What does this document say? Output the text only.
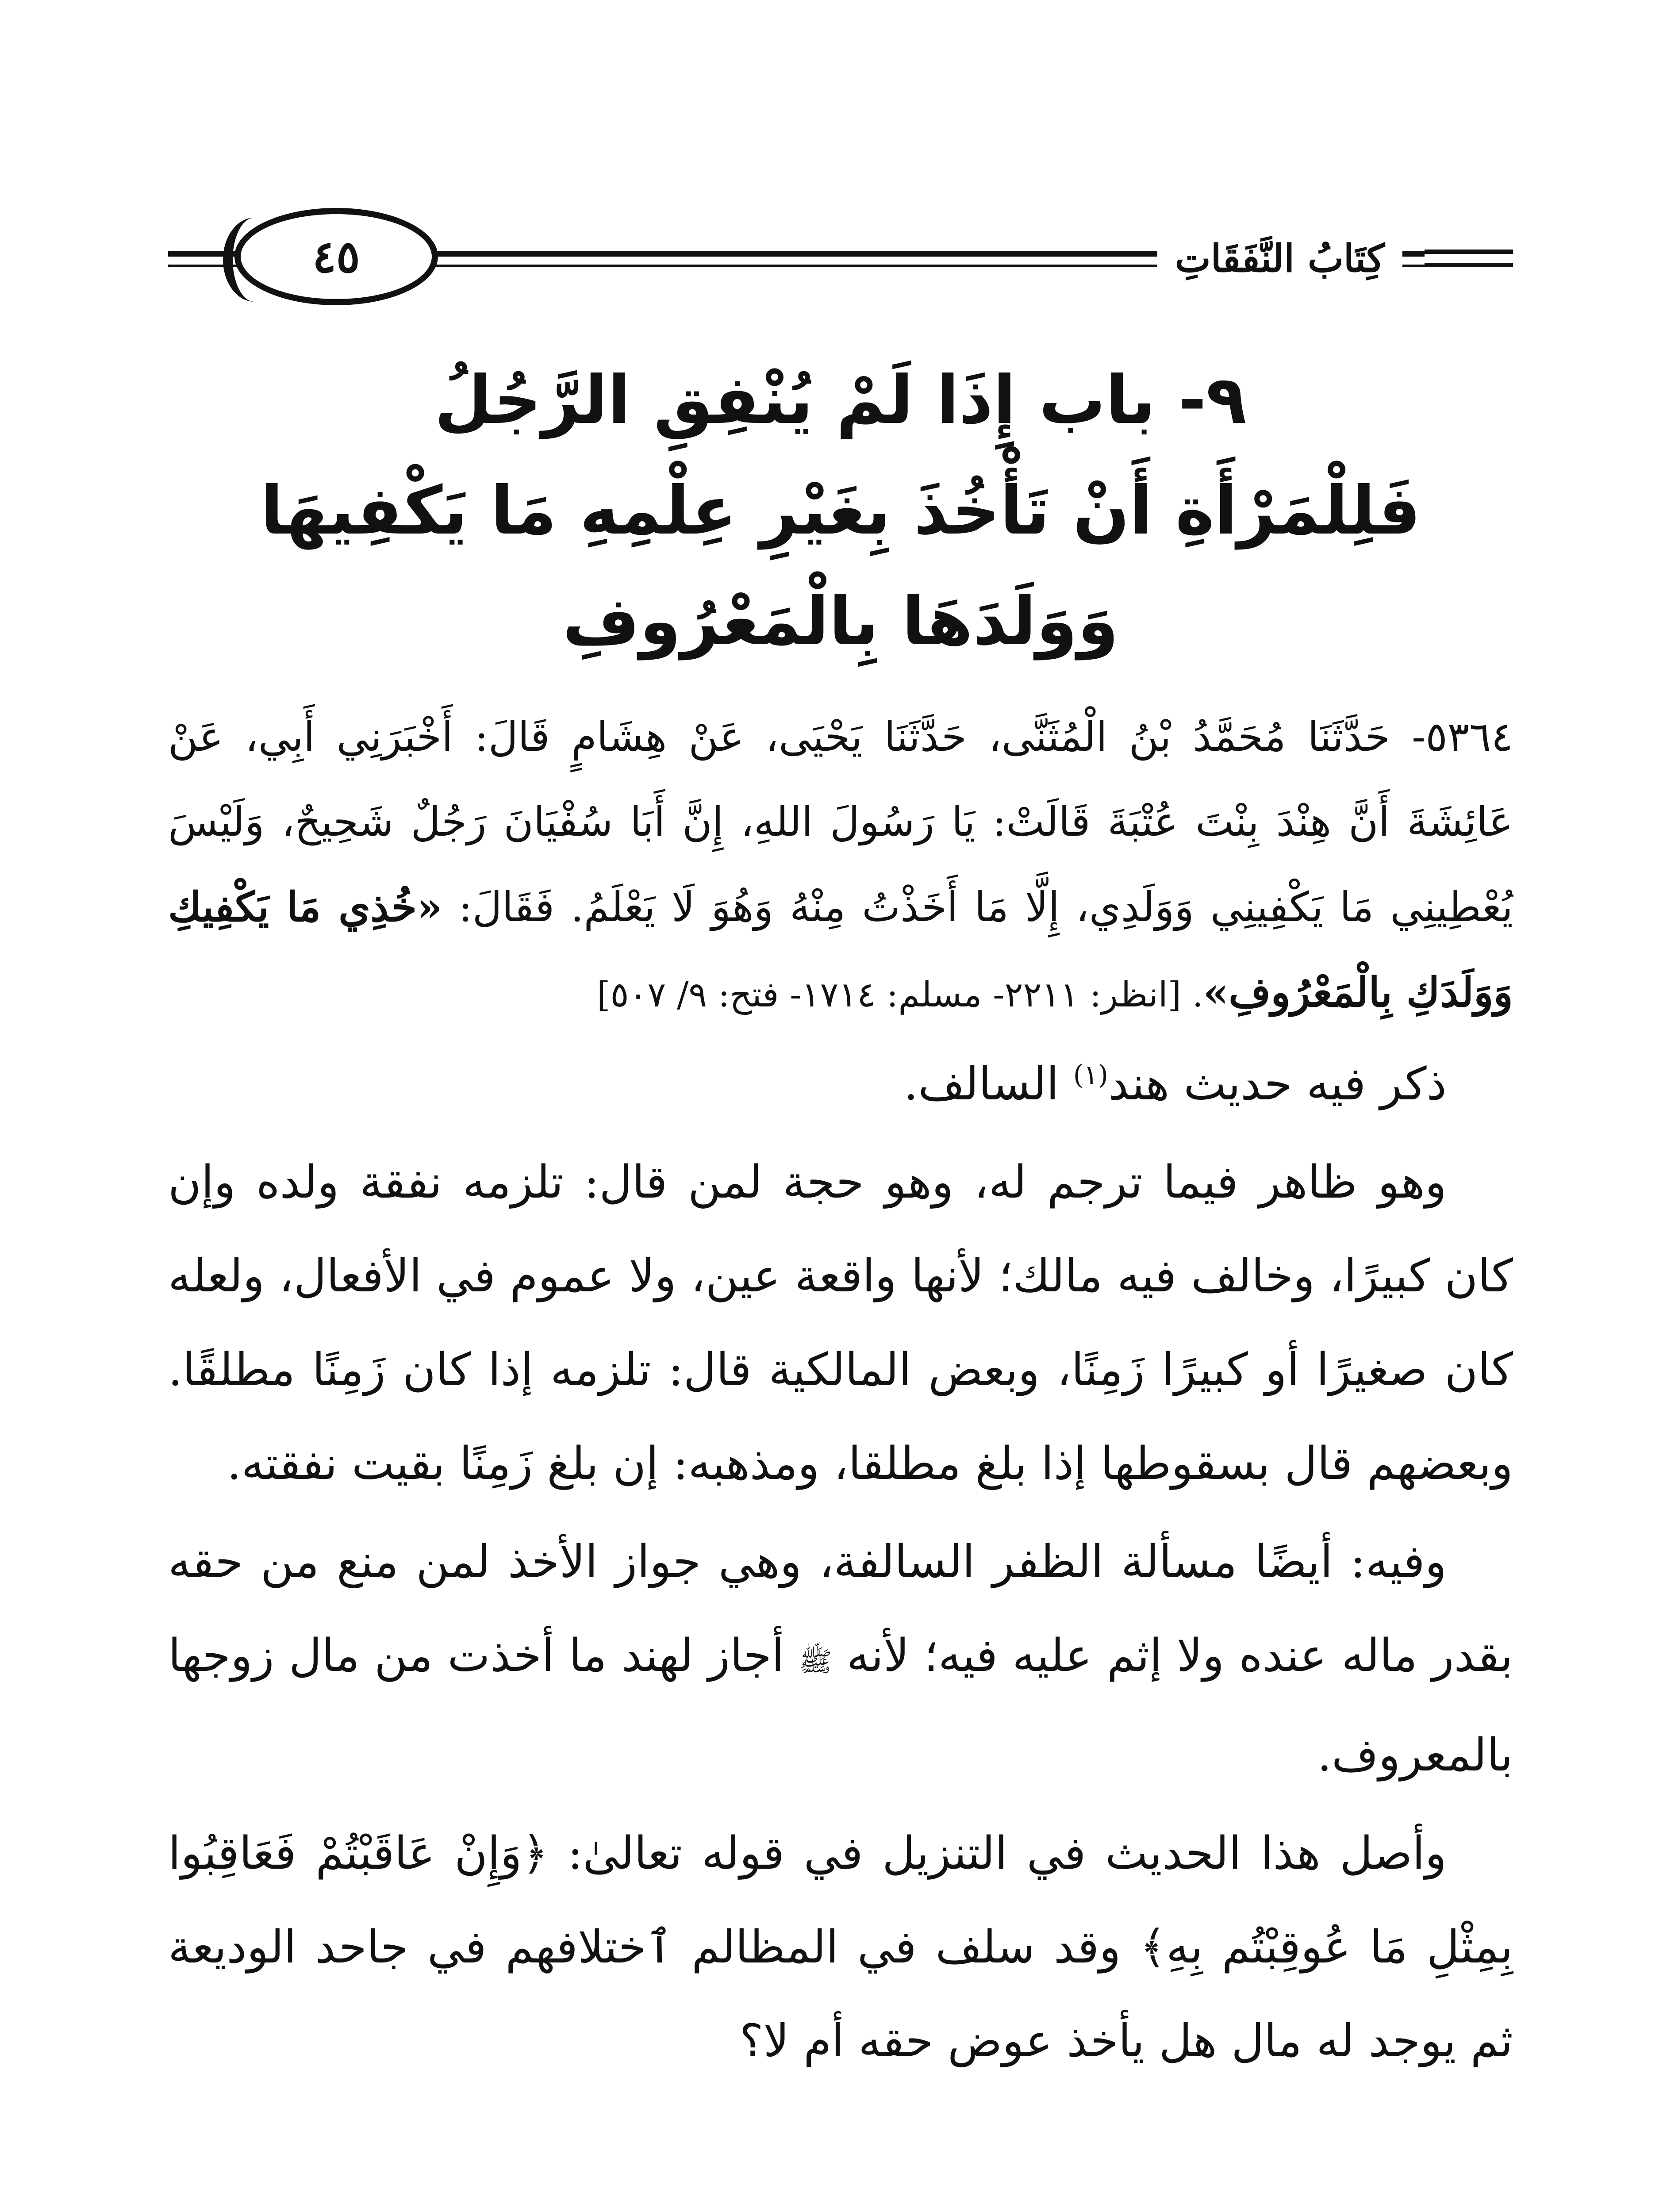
كِتَابُ النَّفَقَاتِ
٤٥
٩- باب إِذَا لَمْ يُنْفِقِ الرَّجُلُ
فَلِلْمَرْأَةِ أَنْ تَأْخُذَ بِغَيْرِ عِلْمِهِ مَا يَكْفِيهَا
وَوَلَدَهَا بِالْمَعْرُوفِ

٥٣٦٤- حَدَّثَنَا مُحَمَّدُ بْنُ الْمُثَنَّى، حَدَّثَنَا يَحْيَى، عَنْ هِشَامٍ قَالَ: أَخْبَرَنِي أَبِي، عَنْ عَائِشَةَ أَنَّ هِنْدَ بِنْتَ عُتْبَةَ قَالَتْ: يَا رَسُولَ اللهِ، إِنَّ أَبَا سُفْيَانَ رَجُلٌ شَحِيحٌ، وَلَيْسَ يُعْطِينِي مَا يَكْفِينِي وَوَلَدِي، إِلَّا مَا أَخَذْتُ مِنْهُ وَهُوَ لَا يَعْلَمُ. فَقَالَ: «خُذِي مَا يَكْفِيكِ وَوَلَدَكِ بِالْمَعْرُوفِ». [انظر: ٢٢١١- مسلم: ١٧١٤- فتح: ٩/ ٥٠٧]

ذكر فيه حديث هند$^{(١)}$ السالف.

وهو ظاهر فيما ترجم له، وهو حجة لمن قال: تلزمه نفقة ولده وإن كان كبيرًا، وخالف فيه مالك؛ لأنها واقعة عين، ولا عموم في الأفعال، ولعله كان صغيرًا أو كبيرًا زَمِنًا، وبعض المالكية قال: تلزمه إذا كان زَمِنًا مطلقًا. وبعضهم قال بسقوطها إذا بلغ مطلقا، ومذهبه: إن بلغ زَمِنًا بقيت نفقته.

وفيه: أيضًا مسألة الظفر السالفة، وهي جواز الأخذ لمن منع من حقه بقدر ماله عنده ولا إثم عليه فيه؛ لأنه ﷺ أجاز لهند ما أخذت من مال زوجها بالمعروف.

وأصل هذا الحديث في التنزيل في قوله تعالىٰ: ﴿وَإِنْ عَاقَبْتُمْ فَعَاقِبُوا بِمِثْلِ مَا عُوقِبْتُم بِهِ﴾ وقد سلف في المظالم ٱختلافهم في جاحد الوديعة ثم يوجد له مال هل يأخذ عوض حقه أم لا؟
